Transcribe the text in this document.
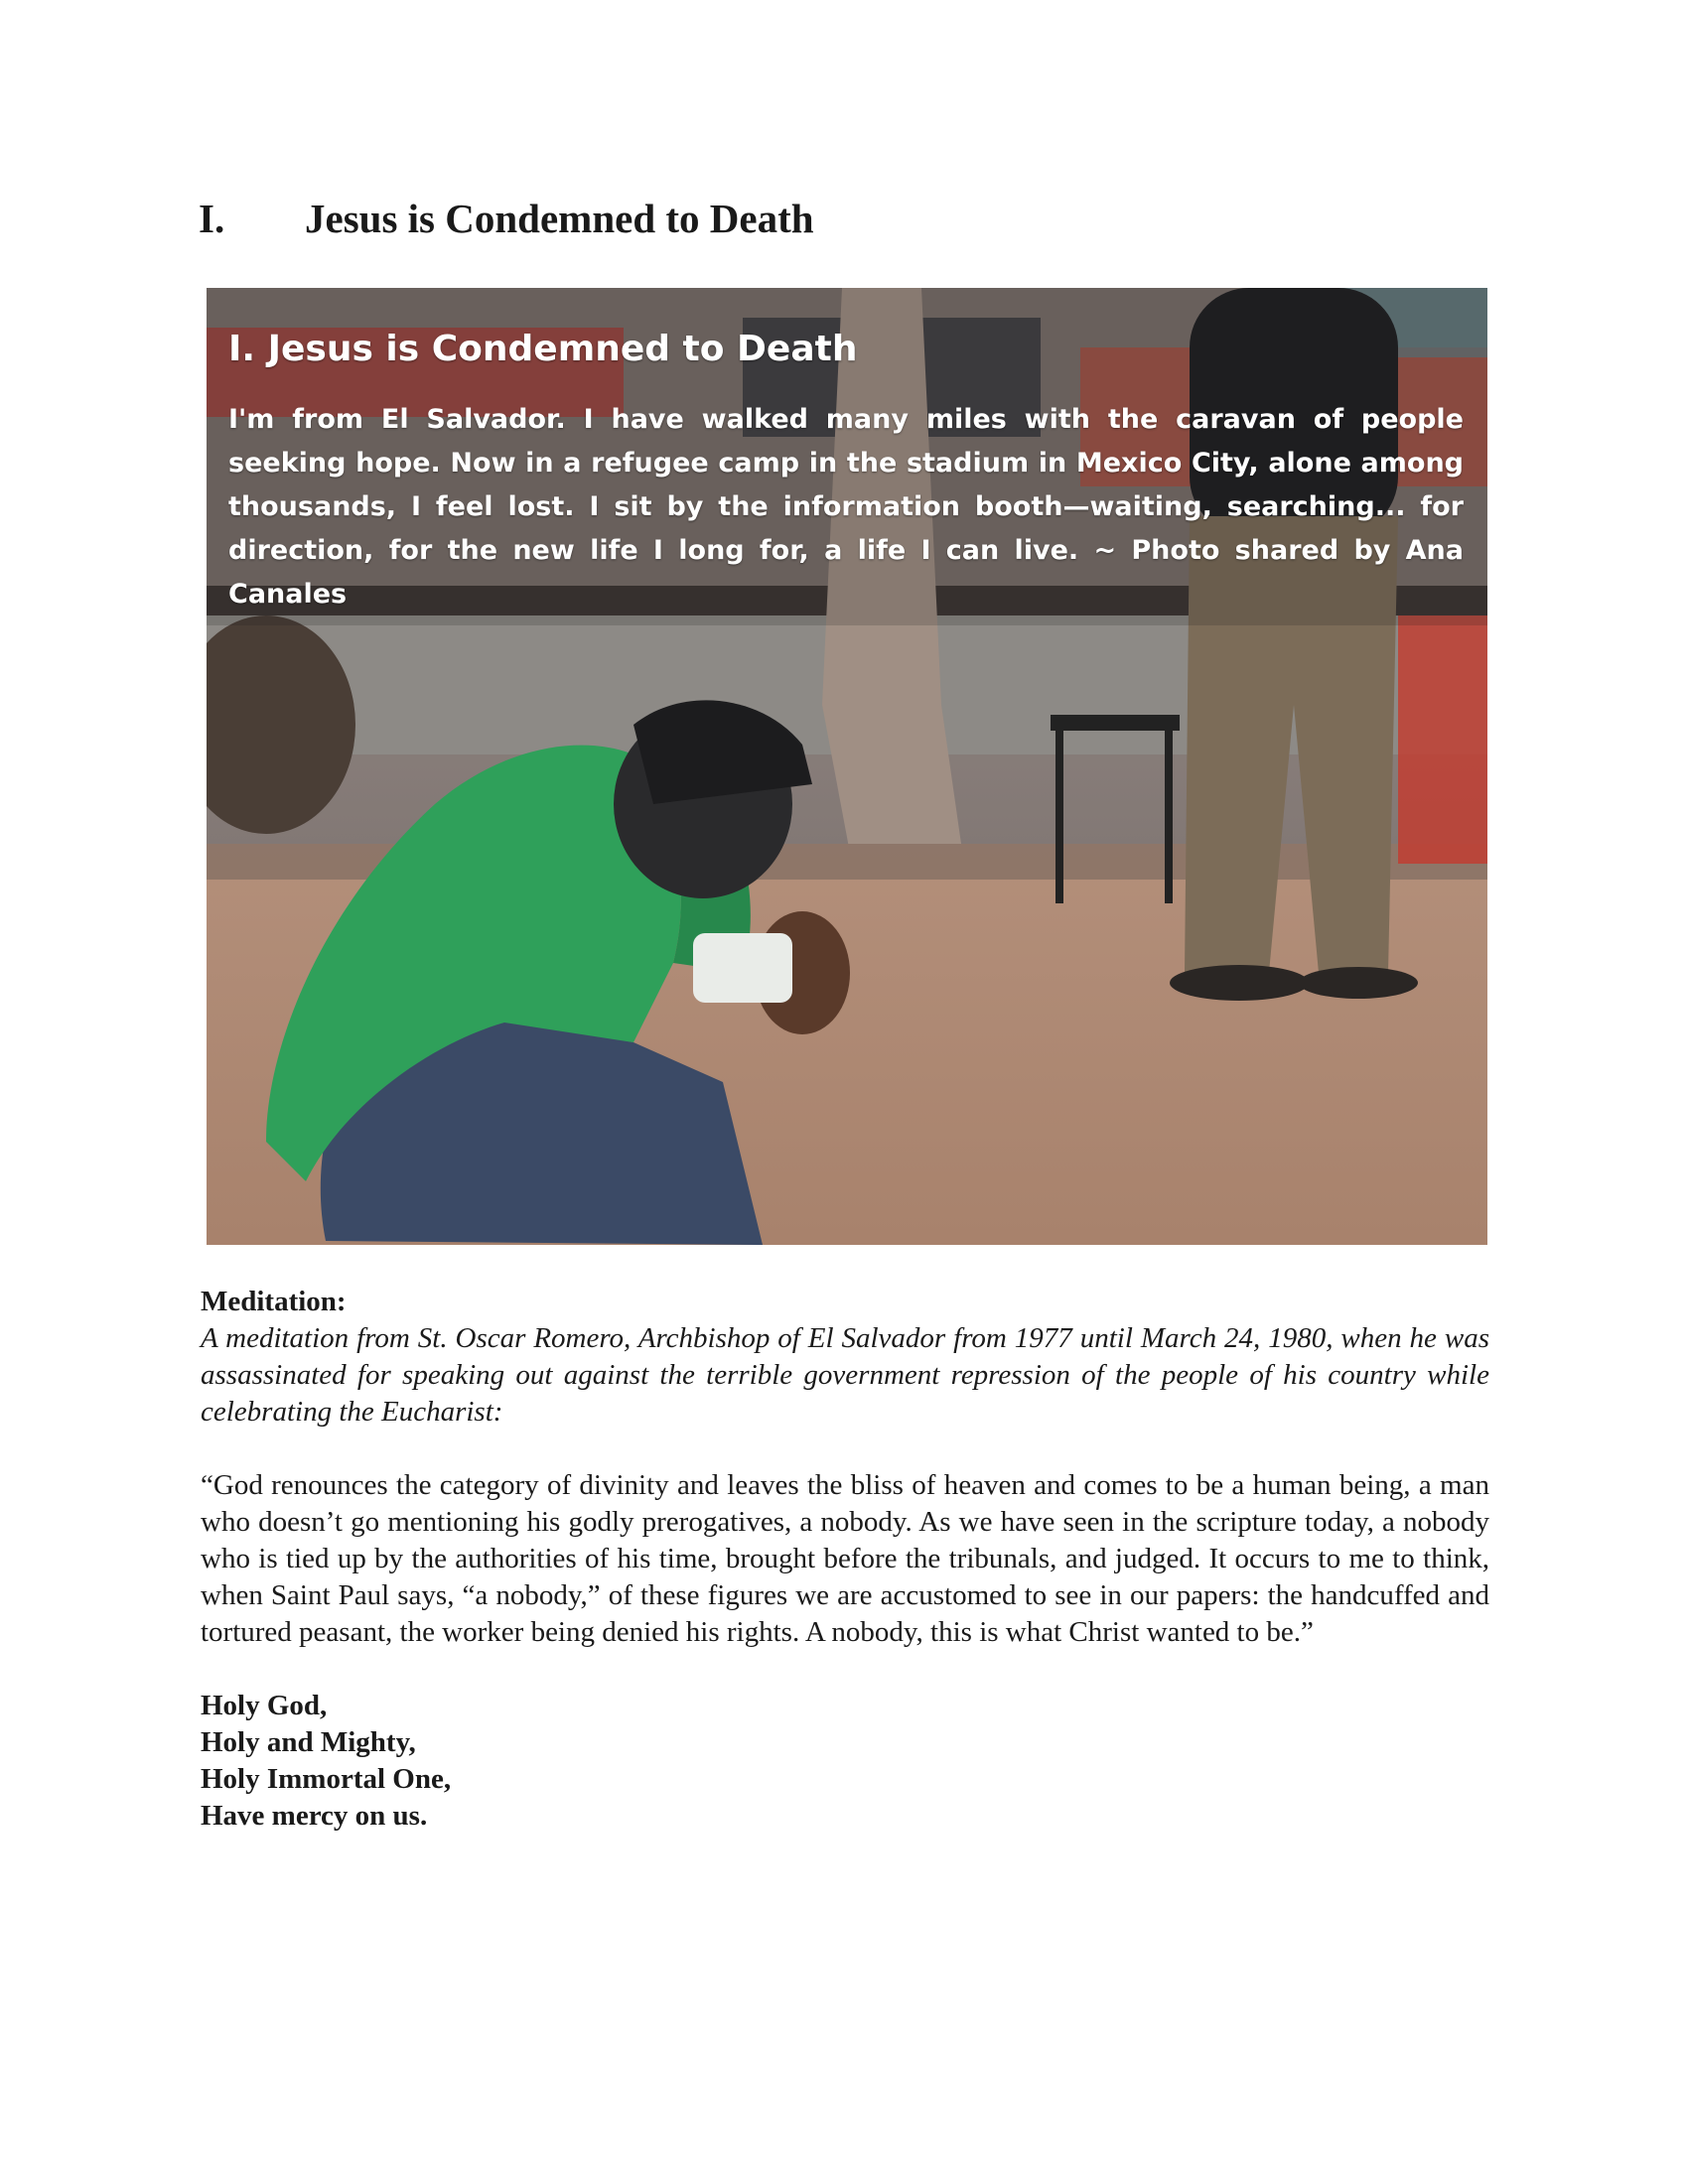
I. Jesus is Condemned to Death

I. Jesus is Condemned to Death

I'm from El Salvador. I have walked many miles with the caravan of people seeking hope. Now in a refugee camp in the stadium in Mexico City, alone among thousands, I feel lost. I sit by the information booth—waiting, searching... for direction, for the new life I long for, a life I can live. ~ Photo shared by Ana Canales

Meditation:

A meditation from St. Oscar Romero, Archbishop of El Salvador from 1977 until March 24, 1980, when he was assassinated for speaking out against the terrible government repression of the people of his country while celebrating the Eucharist:

“God renounces the category of divinity and leaves the bliss of heaven and comes to be a human being, a man who doesn’t go mentioning his godly prerogatives, a nobody. As we have seen in the scripture today, a nobody who is tied up by the authorities of his time, brought before the tribunals, and judged. It occurs to me to think, when Saint Paul says, “a nobody,” of these figures we are accustomed to see in our papers: the handcuffed and tortured peasant, the worker being denied his rights. A nobody, this is what Christ wanted to be.”

Holy God,
Holy and Mighty,
Holy Immortal One,
Have mercy on us.
